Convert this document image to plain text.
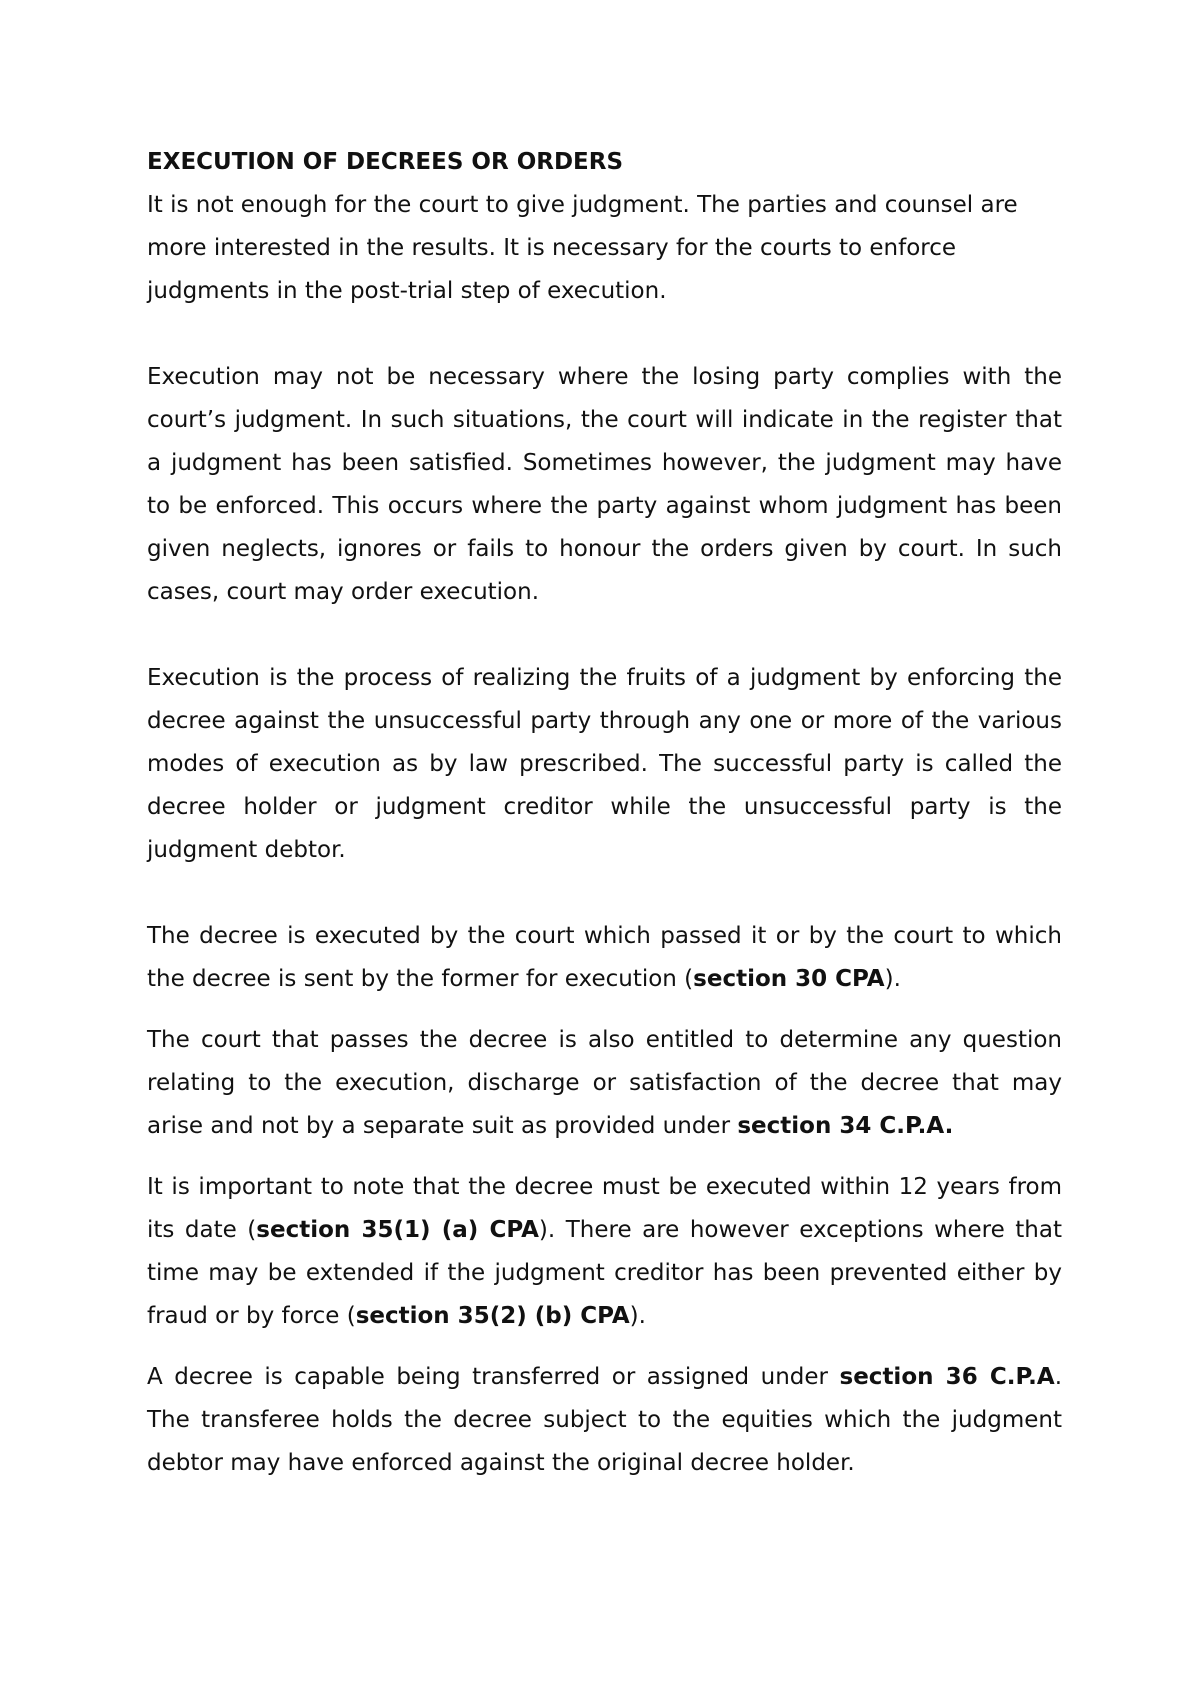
EXECUTION OF DECREES OR ORDERS

It is not enough for the court to give judgment. The parties and counsel are more interested in the results. It is necessary for the courts to enforce judgments in the post-trial step of execution.

Execution may not be necessary where the losing party complies with the court’s judgment. In such situations, the court will indicate in the register that a judgment has been satisfied. Sometimes however, the judgment may have to be enforced. This occurs where the party against whom judgment has been given neglects, ignores or fails to honour the orders given by court. In such cases, court may order execution.

Execution is the process of realizing the fruits of a judgment by enforcing the decree against the unsuccessful party through any one or more of the various modes of execution as by law prescribed. The successful party is called the decree holder or judgment creditor while the unsuccessful party is the judgment debtor.

The decree is executed by the court which passed it or by the court to which the decree is sent by the former for execution (section 30 CPA).

The court that passes the decree is also entitled to determine any question relating to the execution, discharge or satisfaction of the decree that may arise and not by a separate suit as provided under section 34 C.P.A.

It is important to note that the decree must be executed within 12 years from its date (section 35(1) (a) CPA). There are however exceptions where that time may be extended if the judgment creditor has been prevented either by fraud or by force (section 35(2) (b) CPA).

A decree is capable being transferred or assigned under section 36 C.P.A. The transferee holds the decree subject to the equities which the judgment debtor may have enforced against the original decree holder.
